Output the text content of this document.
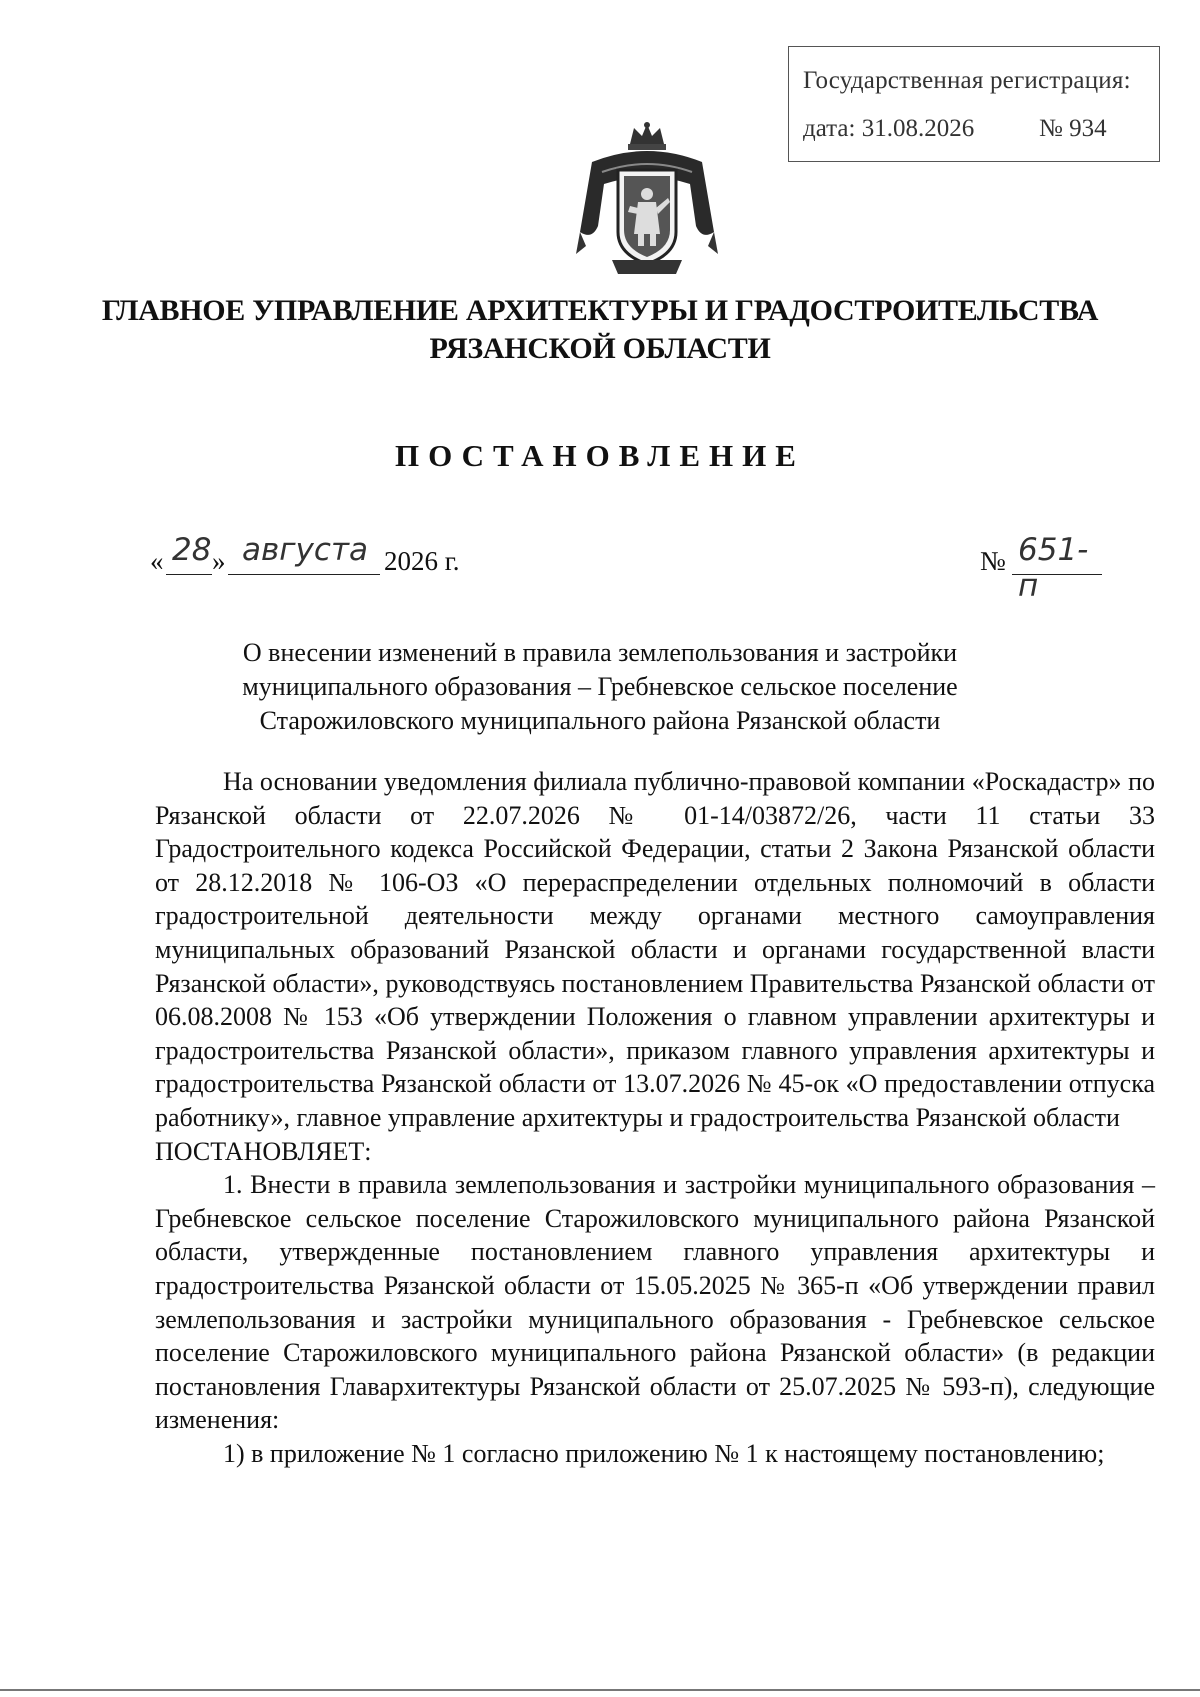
Государственная регистрация:
дата: 31.08.2026	№ 934
ГЛАВНОЕ УПРАВЛЕНИЕ АРХИТЕКТУРЫ И ГРАДОСТРОИТЕЛЬСТВА
РЯЗАНСКОЙ ОБЛАСТИ
ПОСТАНОВЛЕНИЕ
« 28 » августа 2026 г.	№ 651-п
О внесении изменений в правила землепользования и застройки
муниципального образования – Гребневское сельское поселение
Старожиловского муниципального района Рязанской области

На основании уведомления филиала публично-правовой компании «Роскадастр» по Рязанской области от 22.07.2026 № 01-14/03872/26, части 11 статьи 33 Градостроительного кодекса Российской Федерации, статьи 2 Закона Рязанской области от 28.12.2018 № 106-ОЗ «О перераспределении отдельных полномочий в области градостроительной деятельности между органами местного самоуправления муниципальных образований Рязанской области и органами государственной власти Рязанской области», руководствуясь постановлением Правительства Рязанской области от 06.08.2008 № 153 «Об утверждении Положения о главном управлении архитектуры и градостроительства Рязанской области», приказом главного управления архитектуры и градостроительства Рязанской области от 13.07.2026 № 45-ок «О предоставлении отпуска работнику», главное управление архитектуры и градостроительства Рязанской области

ПОСТАНОВЛЯЕТ:

1. Внести в правила землепользования и застройки муниципального образования – Гребневское сельское поселение Старожиловского муниципального района Рязанской области, утвержденные постановлением главного управления архитектуры и градостроительства Рязанской области от 15.05.2025 № 365-п «Об утверждении правил землепользования и застройки муниципального образования - Гребневское сельское поселение Старожиловского муниципального района Рязанской области» (в редакции постановления Главархитектуры Рязанской области от 25.07.2025 № 593-п), следующие изменения:

1) в приложение № 1 согласно приложению № 1 к настоящему постановлению;
